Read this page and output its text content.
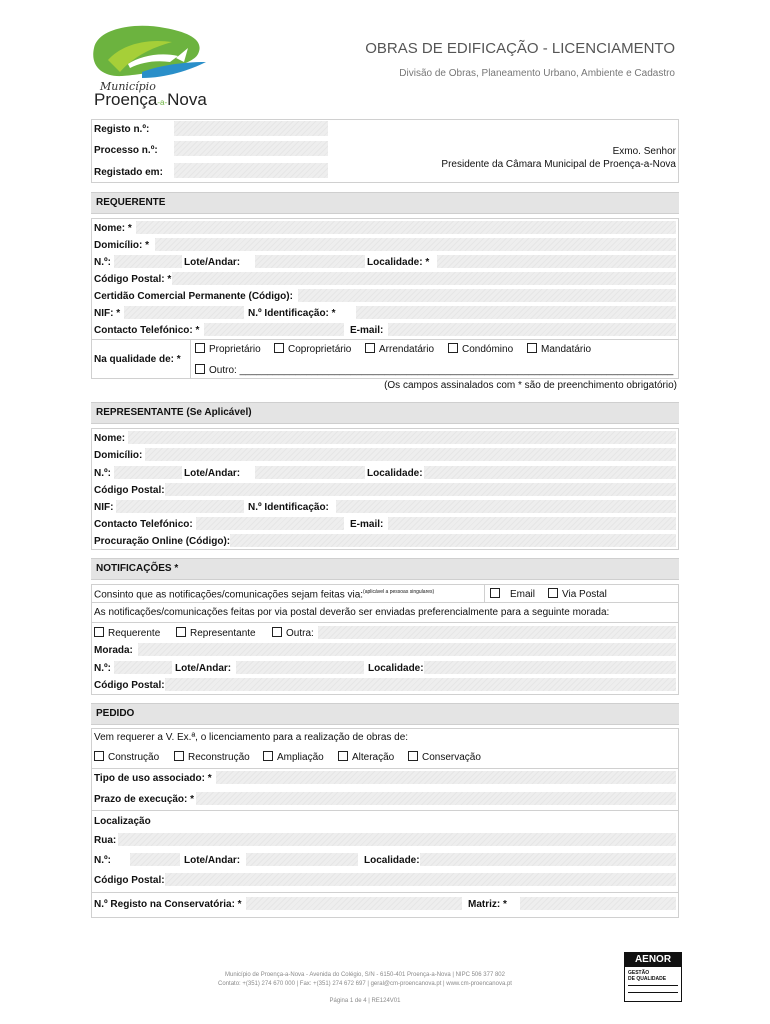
Município
Proença-a-Nova
OBRAS DE EDIFICAÇÃO - LICENCIAMENTO
Divisão de Obras, Planeamento Urbano, Ambiente e Cadastro
Registo n.º:
Processo n.º:
Registado em:
Exmo. Senhor
Presidente da Câmara Municipal de Proença-a-Nova
REQUERENTE
Nome: *
Domicílio: *
N.º:	Lote/Andar:	Localidade: *
Código Postal: *
Certidão Comercial Permanente (Código):
NIF: *	N.º Identificação: *
Contacto Telefónico: *	E-mail:
Na qualidade de: *
Proprietário	Coproprietário	Arrendatário	Condómino	Mandatário
Outro: ______________________________________________________________________________
(Os campos assinalados com * são de preenchimento obrigatório)
REPRESENTANTE (Se Aplicável)
Nome:
Domicílio:
N.º:	Lote/Andar:	Localidade:
Código Postal:
NIF:	N.º Identificação:
Contacto Telefónico:	E-mail:
Procuração Online (Código):
NOTIFICAÇÕES *
Consinto que as notificações/comunicações sejam feitas via:$^{(aplicável a pessoas singulares)}$	Email	Via Postal
As notificações/comunicações feitas por via postal deverão ser enviadas preferencialmente para a seguinte morada:
Requerente	Representante	Outra:
Morada:
N.º:	Lote/Andar:	Localidade:
Código Postal:
PEDIDO
Vem requerer a V. Ex.ª, o licenciamento para a realização de obras de:
Construção	Reconstrução	Ampliação	Alteração	Conservação
Tipo de uso associado: *
Prazo de execução: *
Localização
Rua:
N.º:	Lote/Andar:	Localidade:
Código Postal:
N.º Registo na Conservatória: *	Matriz: *
Município de Proença-a-Nova - Avenida do Colégio, S/N - 6150-401 Proença-a-Nova | NIPC 506 377 802
Contato: +(351) 274 670 000 | Fax: +(351) 274 672 697 | geral@cm-proencanova.pt | www.cm-proencanova.pt
Página 1 de 4 | RE124V01
AENOR
GESTÃO
DE QUALIDADE
